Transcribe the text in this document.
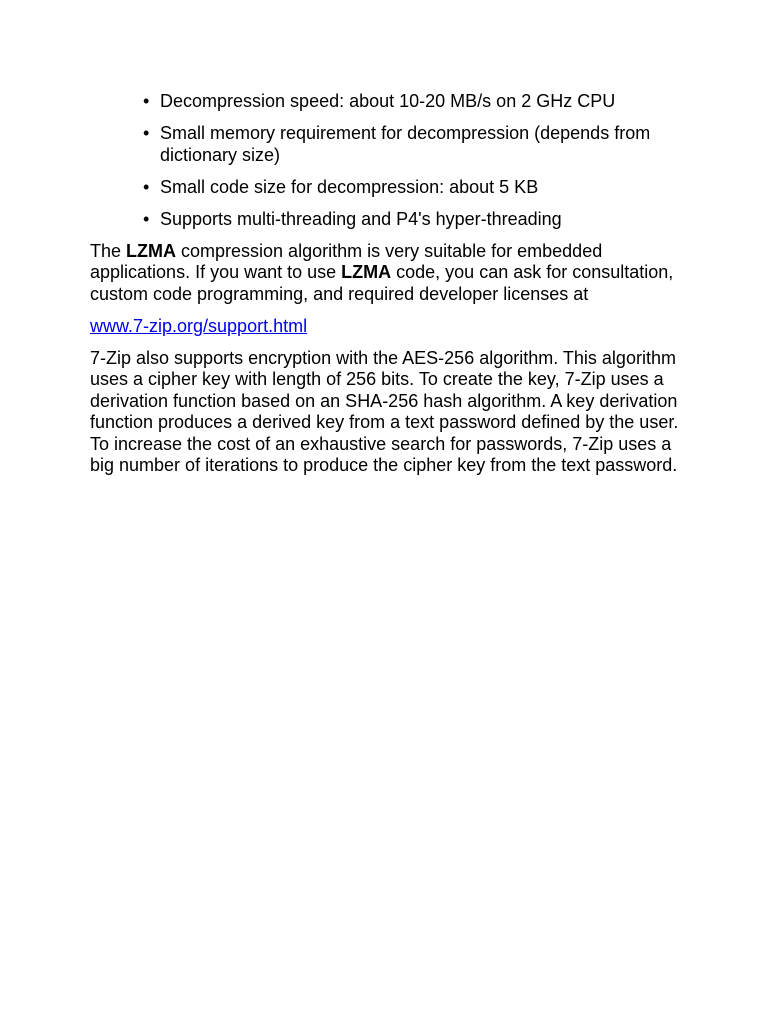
• Decompression speed: about 10-20 MB/s on 2 GHz CPU
• Small memory requirement for decompression (depends from dictionary size)
• Small code size for decompression: about 5 KB
• Supports multi-threading and P4's hyper-threading

The LZMA compression algorithm is very suitable for embedded applications. If you want to use LZMA code, you can ask for consultation, custom code programming, and required developer licenses at

www.7-zip.org/support.html

7-Zip also supports encryption with the AES-256 algorithm. This algorithm uses a cipher key with length of 256 bits. To create the key, 7-Zip uses a derivation function based on an SHA-256 hash algorithm. A key derivation function produces a derived key from a text password defined by the user. To increase the cost of an exhaustive search for passwords, 7-Zip uses a big number of iterations to produce the cipher key from the text password.
